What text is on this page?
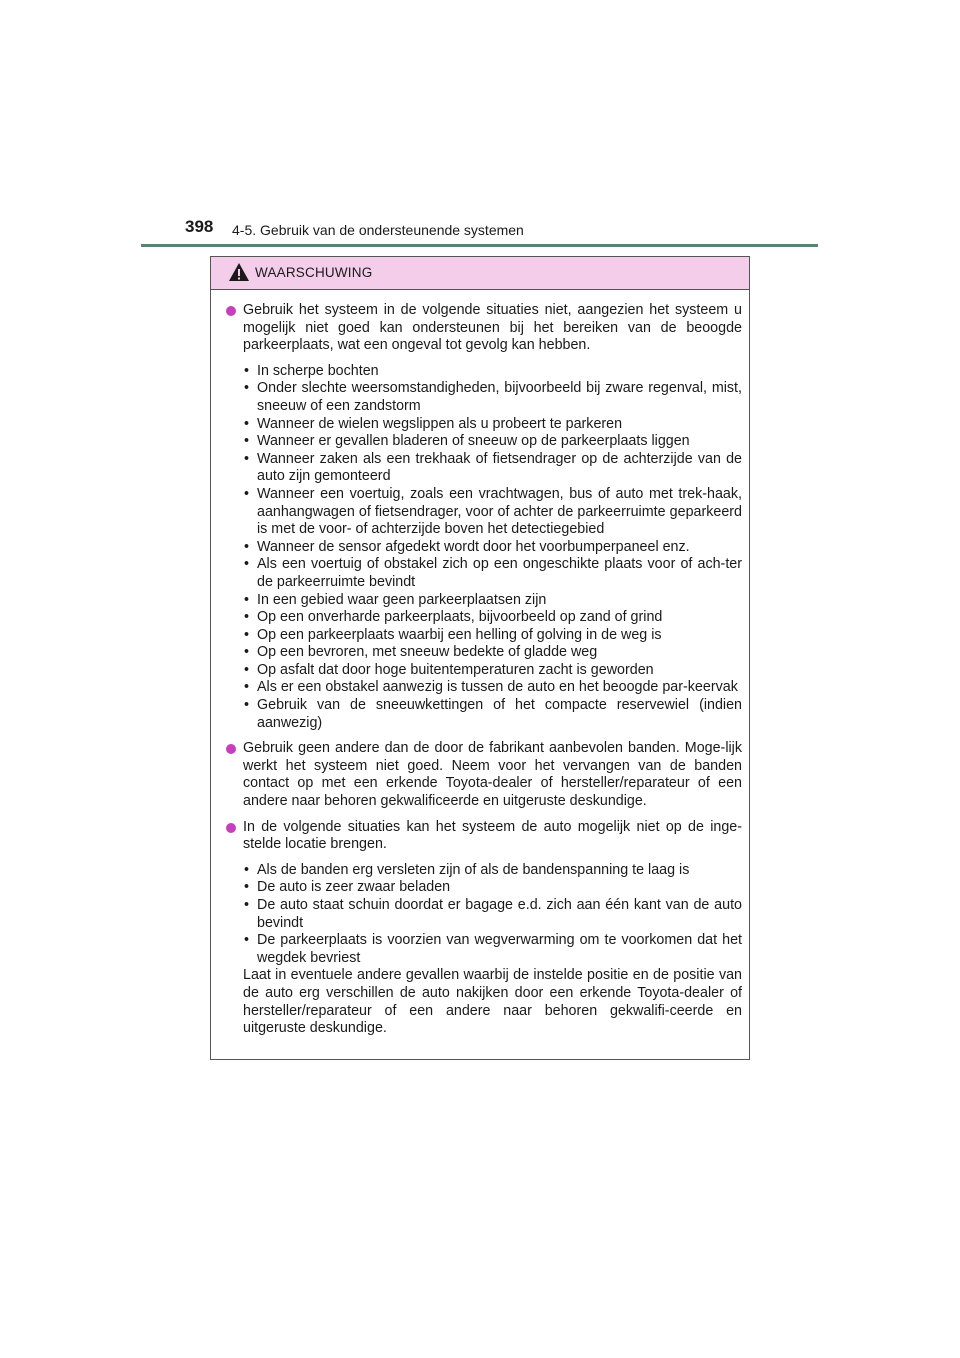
398 4-5. Gebruik van de ondersteunende systemen
WAARSCHUWING
Gebruik het systeem in de volgende situaties niet, aangezien het systeem u mogelijk niet goed kan ondersteunen bij het bereiken van de beoogde parkeerplaats, wat een ongeval tot gevolg kan hebben.
• In scherpe bochten
• Onder slechte weersomstandigheden, bijvoorbeeld bij zware regenval, mist, sneeuw of een zandstorm
• Wanneer de wielen wegslippen als u probeert te parkeren
• Wanneer er gevallen bladeren of sneeuw op de parkeerplaats liggen
• Wanneer zaken als een trekhaak of fietsendrager op de achterzijde van de auto zijn gemonteerd
• Wanneer een voertuig, zoals een vrachtwagen, bus of auto met trek-haak, aanhangwagen of fietsendrager, voor of achter de parkeerruimte geparkeerd is met de voor- of achterzijde boven het detectiegebied
• Wanneer de sensor afgedekt wordt door het voorbumperpaneel enz.
• Als een voertuig of obstakel zich op een ongeschikte plaats voor of ach-ter de parkeerruimte bevindt
• In een gebied waar geen parkeerplaatsen zijn
• Op een onverharde parkeerplaats, bijvoorbeeld op zand of grind
• Op een parkeerplaats waarbij een helling of golving in de weg is
• Op een bevroren, met sneeuw bedekte of gladde weg
• Op asfalt dat door hoge buitentemperaturen zacht is geworden
• Als er een obstakel aanwezig is tussen de auto en het beoogde par-keervak
• Gebruik van de sneeuwkettingen of het compacte reservewiel (indien aanwezig)
Gebruik geen andere dan de door de fabrikant aanbevolen banden. Moge-lijk werkt het systeem niet goed. Neem voor het vervangen van de banden contact op met een erkende Toyota-dealer of hersteller/reparateur of een andere naar behoren gekwalificeerde en uitgeruste deskundige.
In de volgende situaties kan het systeem de auto mogelijk niet op de inge-stelde locatie brengen.
• Als de banden erg versleten zijn of als de bandenspanning te laag is
• De auto is zeer zwaar beladen
• De auto staat schuin doordat er bagage e.d. zich aan één kant van de auto bevindt
• De parkeerplaats is voorzien van wegverwarming om te voorkomen dat het wegdek bevriest
Laat in eventuele andere gevallen waarbij de instelde positie en de positie van de auto erg verschillen de auto nakijken door een erkende Toyota-dealer of hersteller/reparateur of een andere naar behoren gekwalifi-ceerde en uitgeruste deskundige.
